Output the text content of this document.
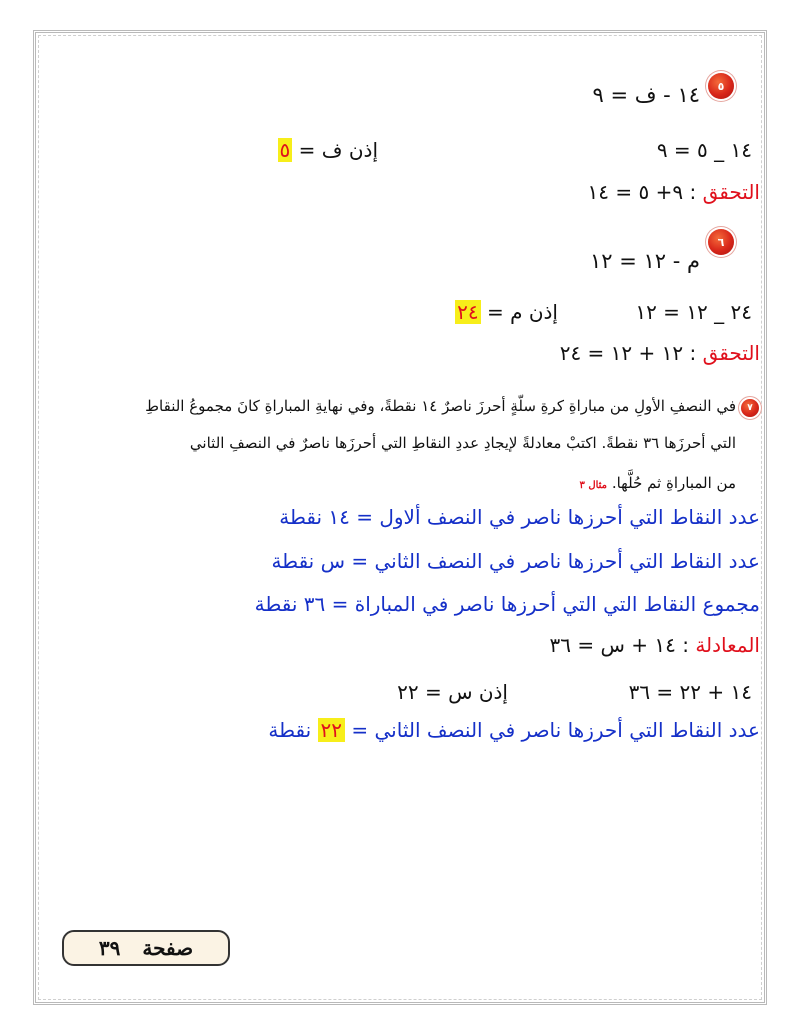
٥
١٤ - ف = ٩
١٤ _ ٥ = ٩
إذن ف = ٥
التحقق : ٩+ ٥ = ١٤
٦
م - ١٢ = ١٢
٢٤ _ ١٢ = ١٢
إذن م = ٢٤
التحقق : ١٢ + ١٢ = ٢٤
٧
في النصفِ الأولِ من مباراةِ كرةِ سلّةٍ أحرزَ ناصرٌ ١٤ نقطةً، وفي نهايةِ المباراةِ كانَ مجموعُ النقاطِ
التي أحرزَها ٣٦ نقطةً. اكتبْ معادلةً لإيجادِ عددِ النقاطِ التي أحرزَها ناصرٌ في النصفِ الثاني
من المباراةِ ثم حُلَّها. مثال ٣
عدد النقاط التي أحرزها ناصر في النصف ألاول = ١٤ نقطة
عدد النقاط التي أحرزها ناصر في النصف الثاني = س نقطة
مجموع النقاط التي التي أحرزها ناصر في المباراة = ٣٦ نقطة
المعادلة : ١٤ + س = ٣٦
١٤ + ٢٢ = ٣٦
إذن س = ٢٢
عدد النقاط التي أحرزها ناصر في النصف الثاني = ٢٢ نقطة
صفحة
٣٩
